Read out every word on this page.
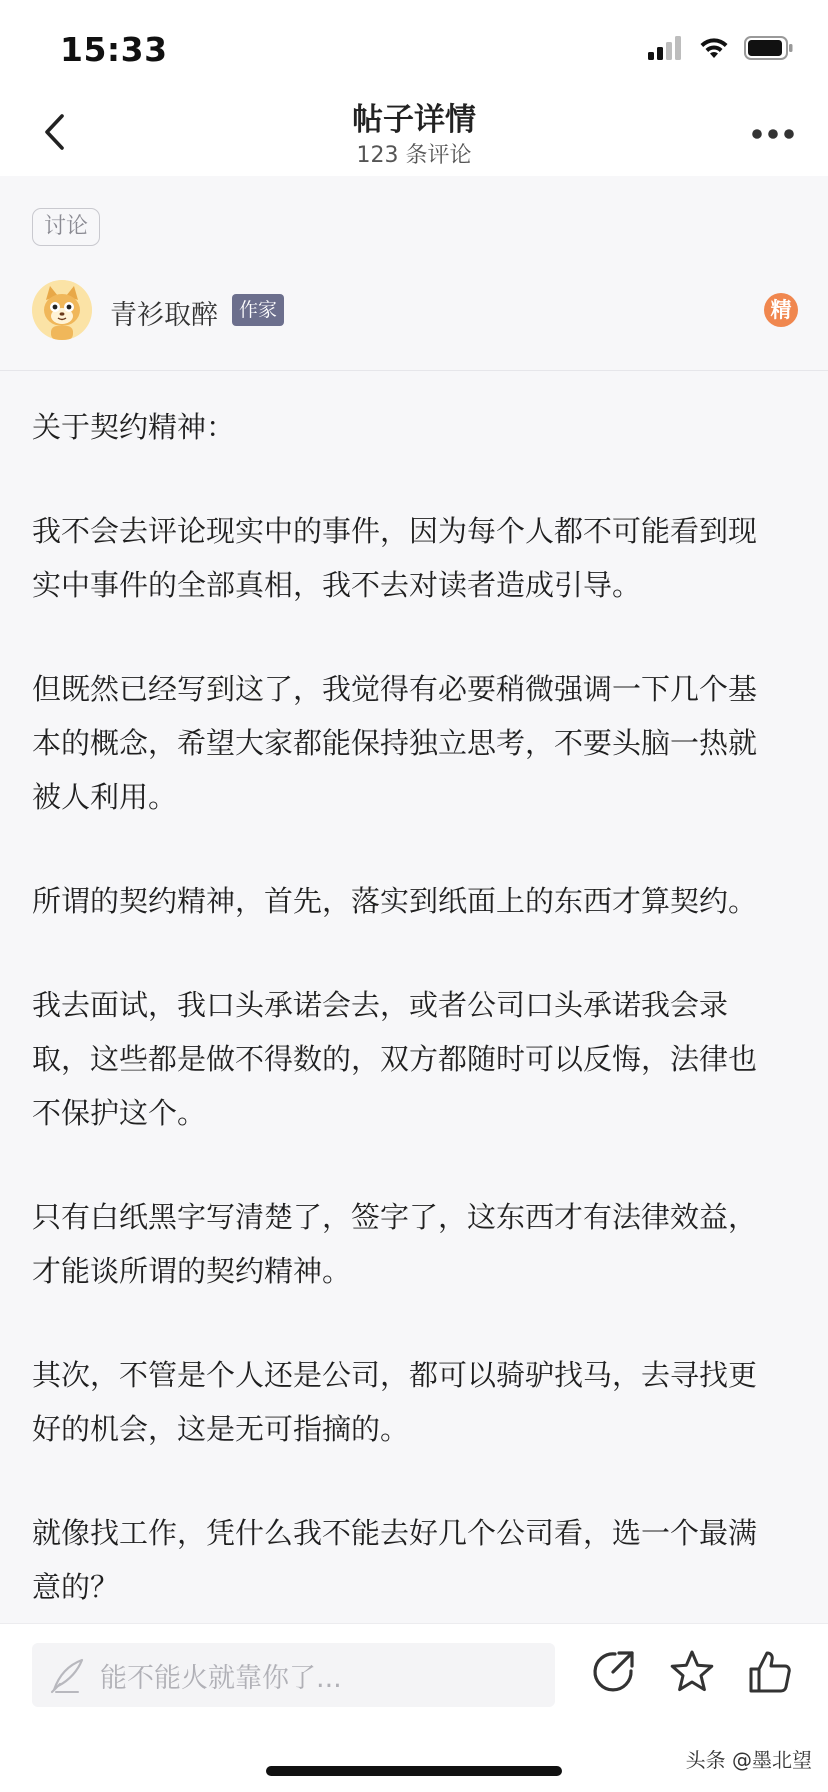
15:33
帖子详情
123 条评论
讨论
青衫取醉	作家	精

关于契约精神：

我不会去评论现实中的事件，因为每个人都不可能看到现实中事件的全部真相，我不去对读者造成引导。

但既然已经写到这了，我觉得有必要稍微强调一下几个基本的概念，希望大家都能保持独立思考，不要头脑一热就被人利用。

所谓的契约精神，首先，落实到纸面上的东西才算契约。

我去面试，我口头承诺会去，或者公司口头承诺我会录取，这些都是做不得数的，双方都随时可以反悔，法律也不保护这个。

只有白纸黑字写清楚了，签字了，这东西才有法律效益，才能谈所谓的契约精神。

其次，不管是个人还是公司，都可以骑驴找马，去寻找更好的机会，这是无可指摘的。

就像找工作，凭什么我不能去好几个公司看，选一个最满意的？

能不能火就靠你了...
头条 @墨北望
